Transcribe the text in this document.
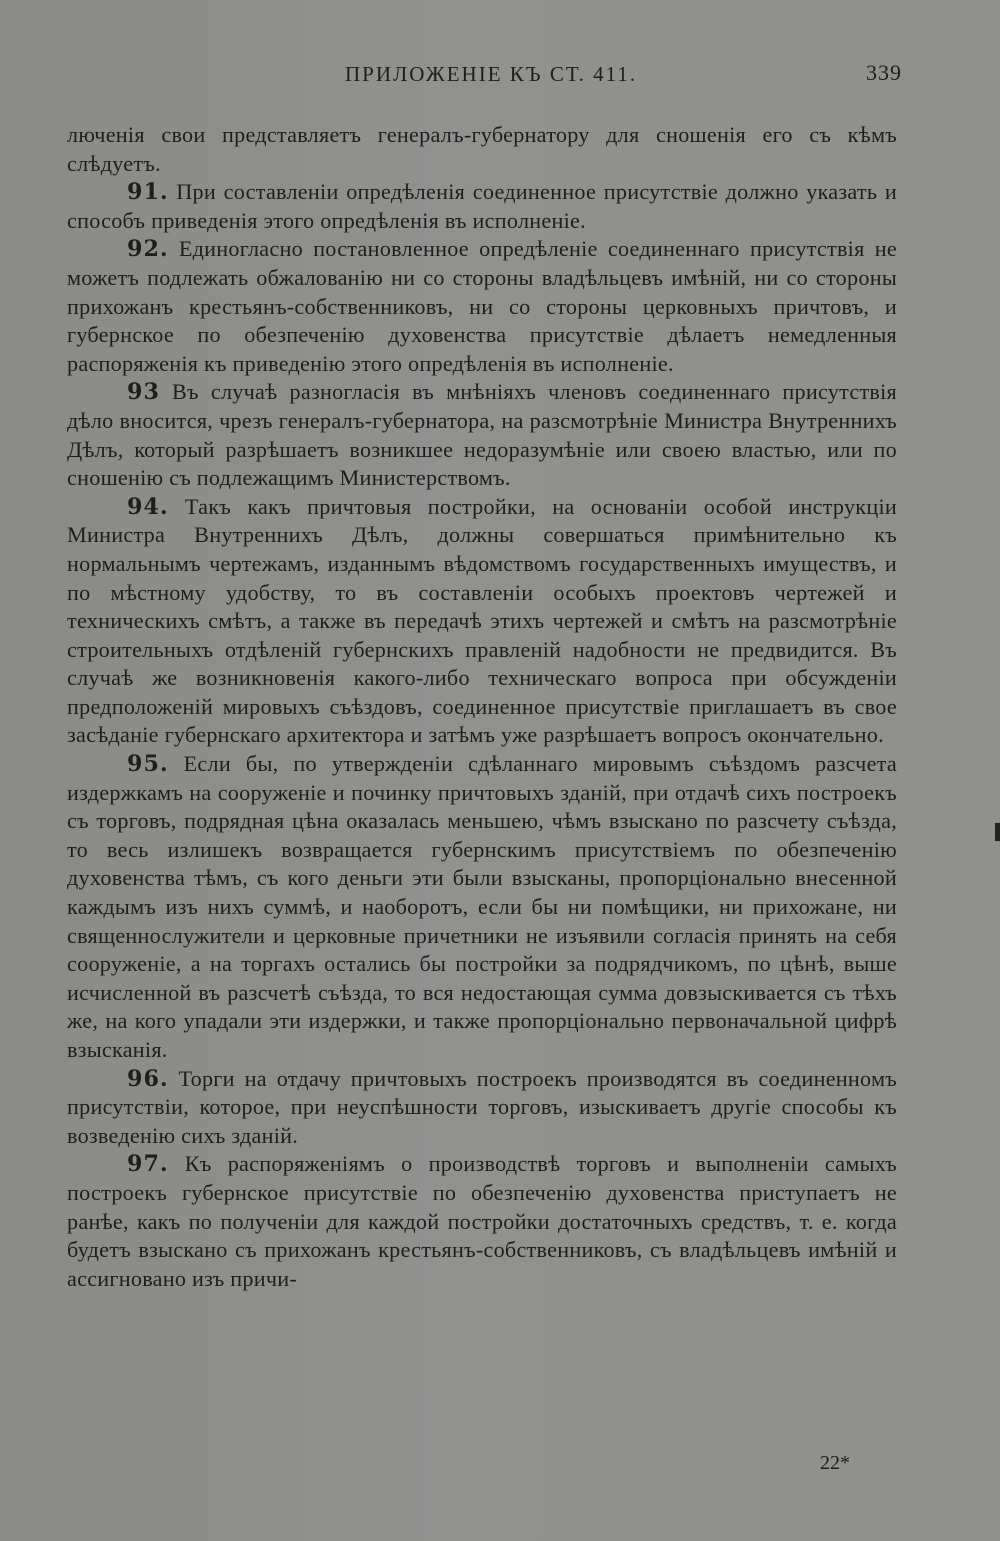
ПРИЛОЖЕНІЕ КЪ СТ. 411.	339

люченія свои представляетъ генералъ-губернатору для сношенія его съ кѣмъ слѣдуетъ.

91. При составленіи опредѣленія соединенное присутствіе должно указать и способъ приведенія этого опредѣленія въ исполненіе.

92. Единогласно постановленное опредѣленіе соединеннаго присутствія не можетъ подлежать обжалованію ни со стороны владѣльцевъ имѣній, ни со стороны прихожанъ крестьянъ-собственниковъ, ни со стороны церковныхъ причтовъ, и губернское по обезпеченію духовенства присутствіе дѣлаетъ немедленныя распоряженія къ приведенію этого опредѣленія въ исполненіе.

93 Въ случаѣ разногласія въ мнѣніяхъ членовъ соединеннаго присутствія дѣло вносится, чрезъ генералъ-губернатора, на разсмотрѣніе Министра Внутреннихъ Дѣлъ, который разрѣшаетъ возникшее недоразумѣніе или своею властью, или по сношенію съ подлежащимъ Министерствомъ.

94. Такъ какъ причтовыя постройки, на основаніи особой инструкціи Министра Внутреннихъ Дѣлъ, должны совершаться примѣнительно къ нормальнымъ чертежамъ, изданнымъ вѣдомствомъ государственныхъ имуществъ, и по мѣстному удобству, то въ составленіи особыхъ проектовъ чертежей и техническихъ смѣтъ, а также въ передачѣ этихъ чертежей и смѣтъ на разсмотрѣніе строительныхъ отдѣленій губернскихъ правленій надобности не предвидится. Въ случаѣ же возникновенія какого-либо техническаго вопроса при обсужденіи предположеній мировыхъ съѣздовъ, соединенное присутствіе приглашаетъ въ свое засѣданіе губернскаго архитектора и затѣмъ уже разрѣшаетъ вопросъ окончательно.

95. Если бы, по утвержденіи сдѣланнаго мировымъ съѣздомъ разсчета издержкамъ на сооруженіе и починку причтовыхъ зданій, при отдачѣ сихъ построекъ съ торговъ, подрядная цѣна оказалась меньшею, чѣмъ взыскано по разсчету съѣзда, то весь излишекъ возвращается губернскимъ присутствіемъ по обезпеченію духовенства тѣмъ, съ кого деньги эти были взысканы, пропорціонально внесенной каждымъ изъ нихъ суммѣ, и наоборотъ, если бы ни помѣщики, ни прихожане, ни священнослужители и церковные причетники не изъявили согласія принять на себя сооруженіе, а на торгахъ остались бы постройки за подрядчикомъ, по цѣнѣ, выше исчисленной въ разсчетѣ съѣзда, то вся недостающая сумма довзыскивается съ тѣхъ же, на кого упадали эти издержки, и также пропорціонально первоначальной цифрѣ взысканія.

96. Торги на отдачу причтовыхъ построекъ производятся въ соединенномъ присутствіи, которое, при неуспѣшности торговъ, изыскиваетъ другіе способы къ возведенію сихъ зданій.

97. Къ распоряженіямъ о производствѣ торговъ и выполненіи самыхъ построекъ губернское присутствіе по обезпеченію духовенства приступаетъ не ранѣе, какъ по полученіи для каждой постройки достаточныхъ средствъ, т. е. когда будетъ взыскано съ прихожанъ крестьянъ-собственниковъ, съ владѣльцевъ имѣній и ассигновано изъ причи-

22*
